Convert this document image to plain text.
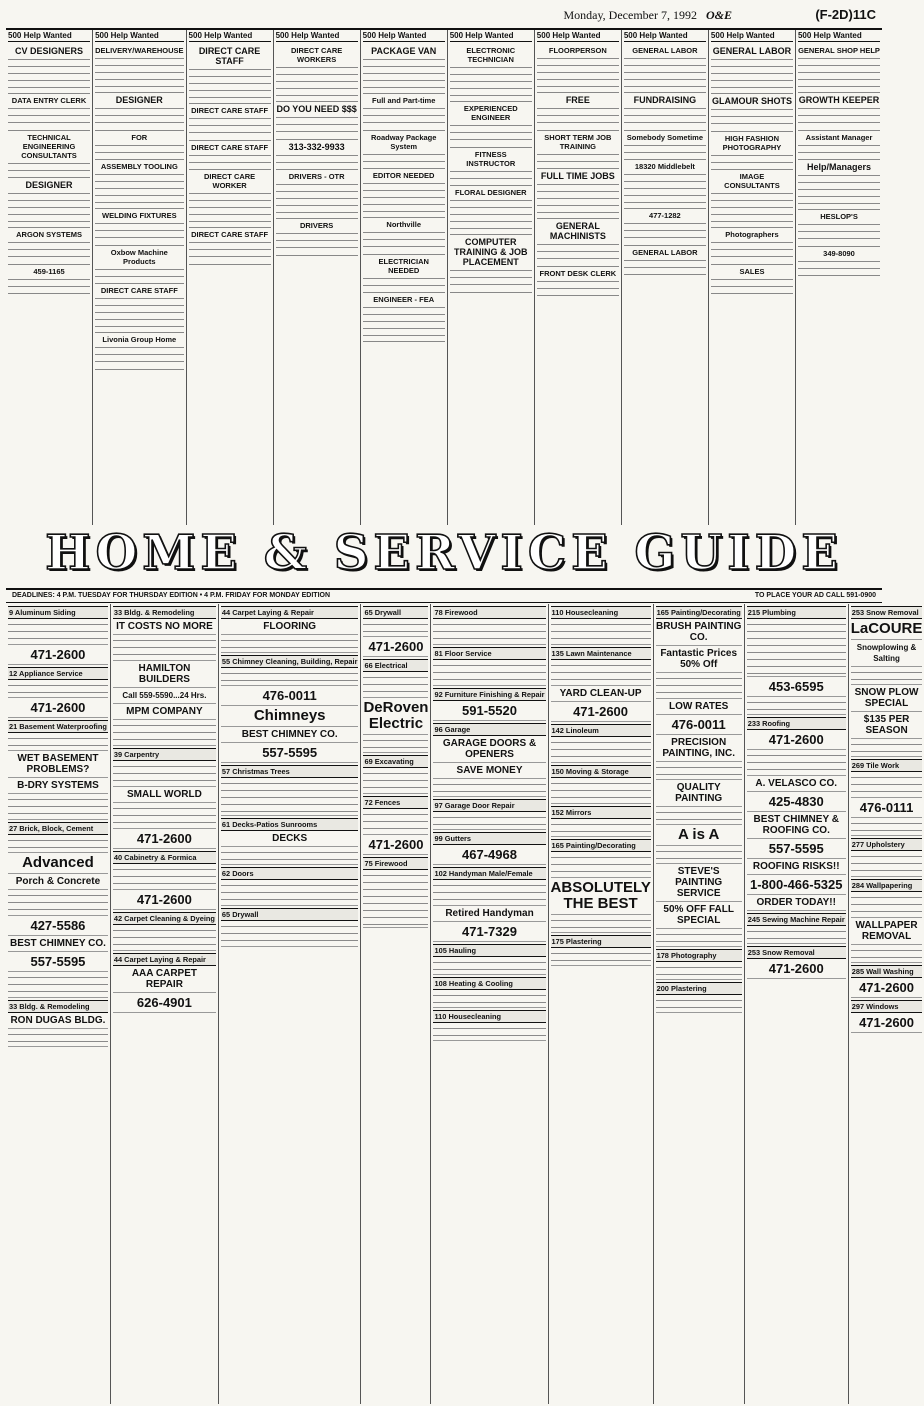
Monday, December 7, 1992 O&E	(F-2D)11C
500 Help Wanted
CV DESIGNERS
DATA ENTRY CLERK
TECHNICAL ENGINEERING CONSULTANTS
DESIGNER
ARGON SYSTEMS
459-1165
500 Help Wanted
DELIVERY/WAREHOUSE
DESIGNER
FOR
ASSEMBLY TOOLING
WELDING FIXTURES
Oxbow Machine Products
DIRECT CARE STAFF
Livonia Group Home
500 Help Wanted
DIRECT CARE STAFF
DIRECT CARE STAFF
DIRECT CARE STAFF
DIRECT CARE WORKER
DIRECT CARE STAFF
500 Help Wanted
DIRECT CARE WORKERS
DO YOU NEED $$$
313-332-9933
DRIVERS - OTR
DRIVERS
500 Help Wanted
PACKAGE VAN
Full and Part-time
Roadway Package System
EDITOR NEEDED
Northville
ELECTRICIAN NEEDED
ENGINEER - FEA
500 Help Wanted
ELECTRONIC TECHNICIAN
EXPERIENCED ENGINEER
FITNESS INSTRUCTOR
FLORAL DESIGNER
COMPUTER TRAINING & JOB PLACEMENT
500 Help Wanted
FLOORPERSON
FREE
SHORT TERM JOB TRAINING
FULL TIME JOBS
GENERAL MACHINISTS
FRONT DESK CLERK
500 Help Wanted
GENERAL LABOR
FUNDRAISING
Somebody Sometime
18320 Middlebelt
477-1282
GENERAL LABOR
500 Help Wanted
GENERAL LABOR
GLAMOUR SHOTS
HIGH FASHION PHOTOGRAPHY
IMAGE CONSULTANTS
Photographers
SALES
500 Help Wanted
GENERAL SHOP HELP
GROWTH KEEPER
Assistant Manager
Help/Managers
HESLOP'S
349-8090
HOME & SERVICE GUIDE
DEADLINES: 4 P.M. TUESDAY FOR THURSDAY EDITION • 4 P.M. FRIDAY FOR MONDAY EDITION	TO PLACE YOUR AD CALL 591-0900
9 Aluminum Siding
471-2600
12 Appliance Service
471-2600
21 Basement Waterproofing
WET BASEMENT PROBLEMS?
B-DRY SYSTEMS
27 Brick, Block, Cement
Advanced
Porch & Concrete
427-5586
BEST CHIMNEY CO.
557-5595
33 Bldg. & Remodeling
RON DUGAS BLDG.
33 Bldg. & Remodeling
IT COSTS NO MORE
HAMILTON BUILDERS
Call 559-5590...24 Hrs.
MPM COMPANY
39 Carpentry
SMALL WORLD
471-2600
40 Cabinetry & Formica
471-2600
42 Carpet Cleaning & Dyeing
44 Carpet Laying & Repair
AAA CARPET REPAIR
626-4901
44 Carpet Laying & Repair
FLOORING
55 Chimney Cleaning, Building, Repair
476-0011
Chimneys
BEST CHIMNEY CO.
557-5595
57 Christmas Trees
61 Decks-Patios Sunrooms
DECKS
62 Doors
65 Drywall
65 Drywall
471-2600
66 Electrical
DeRoven Electric
69 Excavating
72 Fences
471-2600
75 Firewood
78 Firewood
81 Floor Service
92 Furniture Finishing & Repair
591-5520
96 Garage
GARAGE DOORS & OPENERS
SAVE MONEY
97 Garage Door Repair
99 Gutters
467-4968
102 Handyman Male/Female
Retired Handyman
471-7329
105 Hauling
108 Heating & Cooling
110 Housecleaning
110 Housecleaning
135 Lawn Maintenance
YARD CLEAN-UP
471-2600
142 Linoleum
150 Moving & Storage
152 Mirrors
165 Painting/Decorating
ABSOLUTELY THE BEST
175 Plastering
165 Painting/Decorating
BRUSH PAINTING CO.
Fantastic Prices 50% Off
LOW RATES
476-0011
PRECISION PAINTING, INC.
QUALITY PAINTING
A is A
STEVE'S PAINTING SERVICE
50% OFF FALL SPECIAL
178 Photography
200 Plastering
215 Plumbing
453-6595
233 Roofing
471-2600
A. VELASCO CO.
425-4830
BEST CHIMNEY & ROOFING CO.
557-5595
ROOFING RISKS!!
1-800-466-5325
ORDER TODAY!!
245 Sewing Machine Repair
253 Snow Removal
471-2600
253 Snow Removal
LaCOURE
Snowplowing & Salting
SNOW PLOW SPECIAL
$135 PER SEASON
269 Tile Work
476-0111
277 Upholstery
284 Wallpapering
WALLPAPER REMOVAL
285 Wall Washing
471-2600
297 Windows
471-2600
